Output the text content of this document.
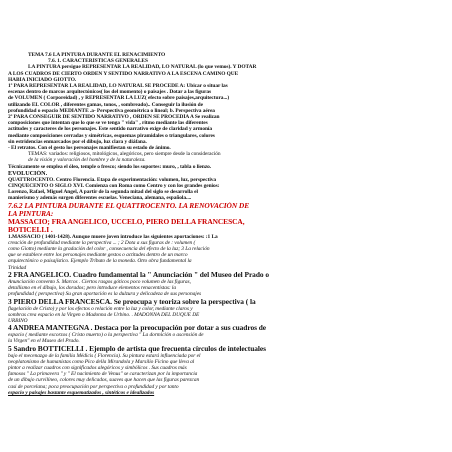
TEMA 7.6 LA PINTURA DURANTE EL RENACIMIENTO
7.6. 1. CARACTERÍSTICAS GENERALES
LA PINTURA persigue REPRESENTAR LA REALIDAD, LO NATURAL (lo que vemos). Y DOTAR
A LOS CUADROS DE CIERTO ORDEN Y SENTIDO NARRATIVO A LA ESCENA CAMINO QUE
HABÍA INICIADO GIOTTO.
1º PARA REPRESENTAR LA REALIDAD, LO NATURAL SE PROCEDE A: Ubicar o situar las
escenas dentro de marcos arquitectónicos( los del momento) o paisajes . Dotar a las figuras
de VOLUMEN ( Corporeidad) , y REPRESENTAR LA LUZ( efecto sobre paisajes,arquitectura...)
utilizando EL COLOR , diferentes gamas, tonos, , sombreado).. Conseguir la ilusión de
profundidad o espacio MEDIANTE .a- Perspectiva geométrica o lineal; b. Perspectiva aérea
2º PARA CONSEGUIR DE SENTIDO NARRATIVO , ORDEN SE PROCEDÍA A Se realizan
composiciones que intentan que lo que se ve tenga " vida" , ritmo mediante las diferentes
actitudes y caracteres de los personajes. Este sentido narrativo exige de claridad y armonía
mediante composiciones cerradas y simétricas, esquemas piramidales o triangulares, colores
sin estridencias enmarcados por el dibujo, luz clara y diáfana.
- El retratos. Con el gesto los personajes manifiestan su estado de ánimo.
TEMAS: variados: religiosos, mitológicos, alegóricos, pero siempre desde la consideración
de la visión y valoración del hombre y de la naturaleza.
Técnicamente se emplea el óleo, temple o fresco; siendo los soportes: muro, , tabla o lienzo.
EVOLUCIÓN.
QUATTROCENTO. Centro Florencia. Etapa de experimentación: volumen, luz, perspectiva
CINQUECENTO O SIGLO XVI. Comienza con Roma como Centro y con los grandes genios:
Lorenzo, Rafael, Miguel Angel, A partir de la segunda mitad del siglo se desarrolla el
manierismo y además surgen diferentes escuelas. Veneciana, alemana, española....
7.6.2 LA PINTURA DURANTE EL QUATTROCENTO. LA RENOVACIÓN DE
LA PINTURA:
MASSACIO; FRA ANGELICO, UCCELO, PIERO DELLA FRANCESCA,
BOTICELLI .
1.MASSACIO ( 1401-1428). Aunque muere joven introduce las siguientes aportaciones: :1 La
creación de profundidad mediante la perspectiva ... ; 2 Dota a sus figuras de : volumen (
como Giotto) mediante la gradación del color , consecuencia del efecto de la luz; 3 La relación
que se establece entre los personajes mediante gestos o actitudes dentro de un marco
arquitectónico o paisajístico. Ejemplo Tributo de la moneda. Otro obra fundamental la
Trinidad
2 FRA ANGELICO. Cuadro fundamental la " Anunciación " del Museo del Prado o
Anunciación convento S. Marcos . Ciertos rasgos góticos poco volumen de las figuras,
detallismo en el dibujo, los dorados; pero introduce elementos renacentistas: la
profundidad ( perspectiva) Su gran aportación es la dulzura y delicadeza de sus personajes
3 PIERO DELLA FRANCESCA. Se preocupa y teoriza sobre la perspectiva ( la
flagelación de Cristo) y por los efectos o relación entre la luz y color, mediante claros y
sombras crea espacio en la Virgen o Madonna de Urbino. . MADONNA DEL DUQUE DE
URBINO
4 ANDREA MANTEGNA . Destaca por la preocupación por dotar a sus cuadros de
espacio ( mediante escorzos ( Cristo muerto) o la perspectiva " La dormición o ascensión de
la Virgen" en el Museo del Prado.
5 Sandro BOTTICELLI . Ejemplo de artista que frecuenta círculos de intelectuales
bajo el mecenazgo de la familia Médicis ( Florencia). Su pintura estará influenciada por el
neoplatonismo de humanistas como Pico della Mirandola y Marsilio Ficino que lleva al
pintor a realizar cuadros con significados alegóricos y simbólicos . Sus cuadros más
famosos " La primavera " y " El nacimiento de Venus" se caracterizan por la importancia
de un dibujo curvilíneo, colores muy delicados, suaves que hacen que las figuras parezcan
casi de porcelana; poca preocupación por perspectiva o profundidad y por tanto
espacio y paisajes bastante esquematizados , sintéticos e idealizados
